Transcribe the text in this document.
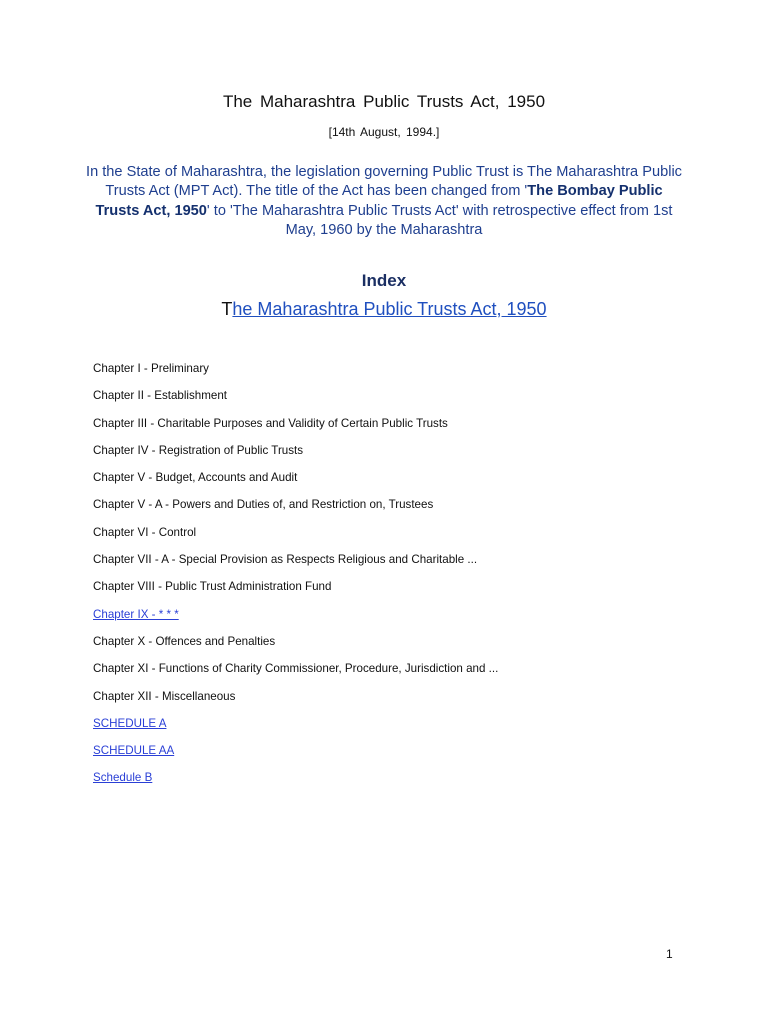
The Maharashtra Public Trusts Act, 1950
[14th August, 1994.]

In the State of Maharashtra, the legislation governing Public Trust is The Maharashtra Public Trusts Act (MPT Act). The title of the Act has been changed from 'The Bombay Public Trusts Act, 1950' to 'The Maharashtra Public Trusts Act' with retrospective effect from 1st May, 1960 by the Maharashtra

Index
The Maharashtra Public Trusts Act, 1950
Chapter I - Preliminary
Chapter II - Establishment
Chapter III - Charitable Purposes and Validity of Certain Public Trusts
Chapter IV - Registration of Public Trusts
Chapter V - Budget, Accounts and Audit
Chapter V - A - Powers and Duties of, and Restriction on, Trustees
Chapter VI - Control
Chapter VII - A - Special Provision as Respects Religious and Charitable ...
Chapter VIII - Public Trust Administration Fund
Chapter IX - * * *
Chapter X - Offences and Penalties
Chapter XI - Functions of Charity Commissioner, Procedure, Jurisdiction and ...
Chapter XII - Miscellaneous
SCHEDULE A
SCHEDULE AA
Schedule B
1
